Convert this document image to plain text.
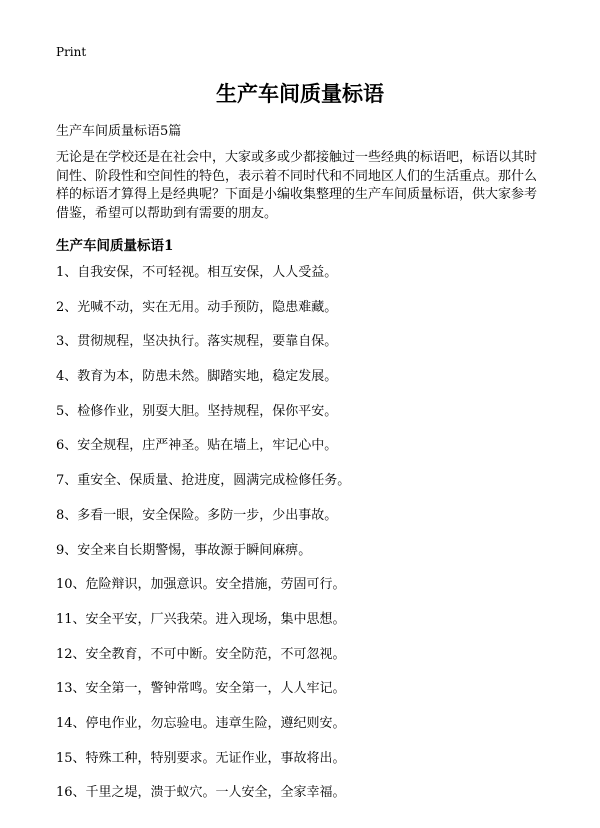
Print
生产车间质量标语
生产车间质量标语5篇

无论是在学校还是在社会中，大家或多或少都接触过一些经典的标语吧，标语以其时间性、阶段性和空间性的特色，表示着不同时代和不同地区人们的生活重点。那什么样的标语才算得上是经典呢？下面是小编收集整理的生产车间质量标语，供大家参考借鉴，希望可以帮助到有需要的朋友。

生产车间质量标语1
1、自我安保，不可轻视。相互安保，人人受益。
2、光喊不动，实在无用。动手预防，隐患难藏。
3、贯彻规程，坚决执行。落实规程，要靠自保。
4、教育为本，防患未然。脚踏实地，稳定发展。
5、检修作业，别耍大胆。坚持规程，保你平安。
6、安全规程，庄严神圣。贴在墙上，牢记心中。
7、重安全、保质量、抢进度，圆满完成检修任务。
8、多看一眼，安全保险。多防一步，少出事故。
9、安全来自长期警惕，事故源于瞬间麻痹。
10、危险辩识，加强意识。安全措施，劳固可行。
11、安全平安，厂兴我荣。进入现场，集中思想。
12、安全教育，不可中断。安全防范，不可忽视。
13、安全第一，警钟常鸣。安全第一，人人牢记。
14、停电作业，勿忘验电。违章生险，遵纪则安。
15、特殊工种，特别要求。无证作业，事故将出。
16、千里之堤，溃于蚁穴。一人安全，全家幸福。
